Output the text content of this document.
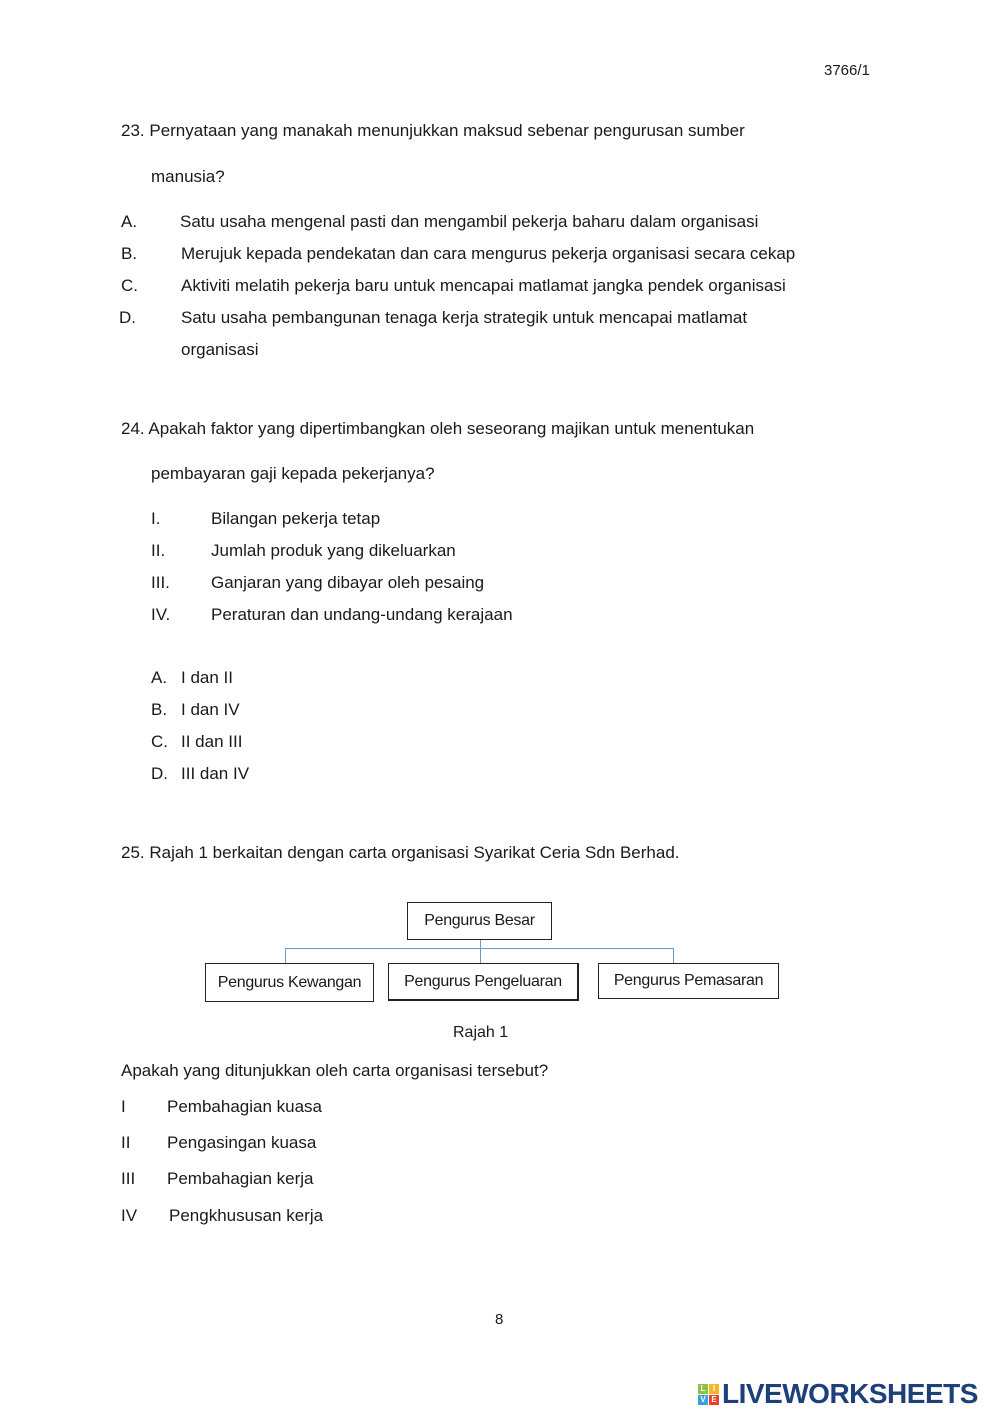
3766/1
23. Pernyataan yang manakah menunjukkan maksud sebenar pengurusan sumber
manusia?
A.	Satu usaha mengenal pasti dan mengambil pekerja baharu dalam organisasi
B.	Merujuk kepada pendekatan dan cara mengurus pekerja organisasi secara cekap
C.	Aktiviti melatih pekerja baru untuk mencapai matlamat jangka pendek organisasi
D.	Satu usaha pembangunan tenaga kerja strategik untuk mencapai matlamat
organisasi
24. Apakah faktor yang dipertimbangkan oleh seseorang majikan untuk menentukan
pembayaran gaji kepada pekerjanya?
I.	Bilangan pekerja tetap
II.	Jumlah produk yang dikeluarkan
III. Ganjaran yang dibayar oleh pesaing
IV. Peraturan dan undang-undang kerajaan
A. I dan II
B. I dan IV
C. II dan III
D. III dan IV
25. Rajah 1 berkaitan dengan carta organisasi Syarikat Ceria Sdn Berhad.
Pengurus Besar
Pengurus Kewangan	Pengurus Pengeluaran	Pengurus Pemasaran
Rajah 1
Apakah yang ditunjukkan oleh carta organisasi tersebut?
I Pembahagian kuasa
II Pengasingan kuasa
III Pembahagian kerja
IV Pengkhususan kerja
8
L I
V E LIVEWORKSHEETS
